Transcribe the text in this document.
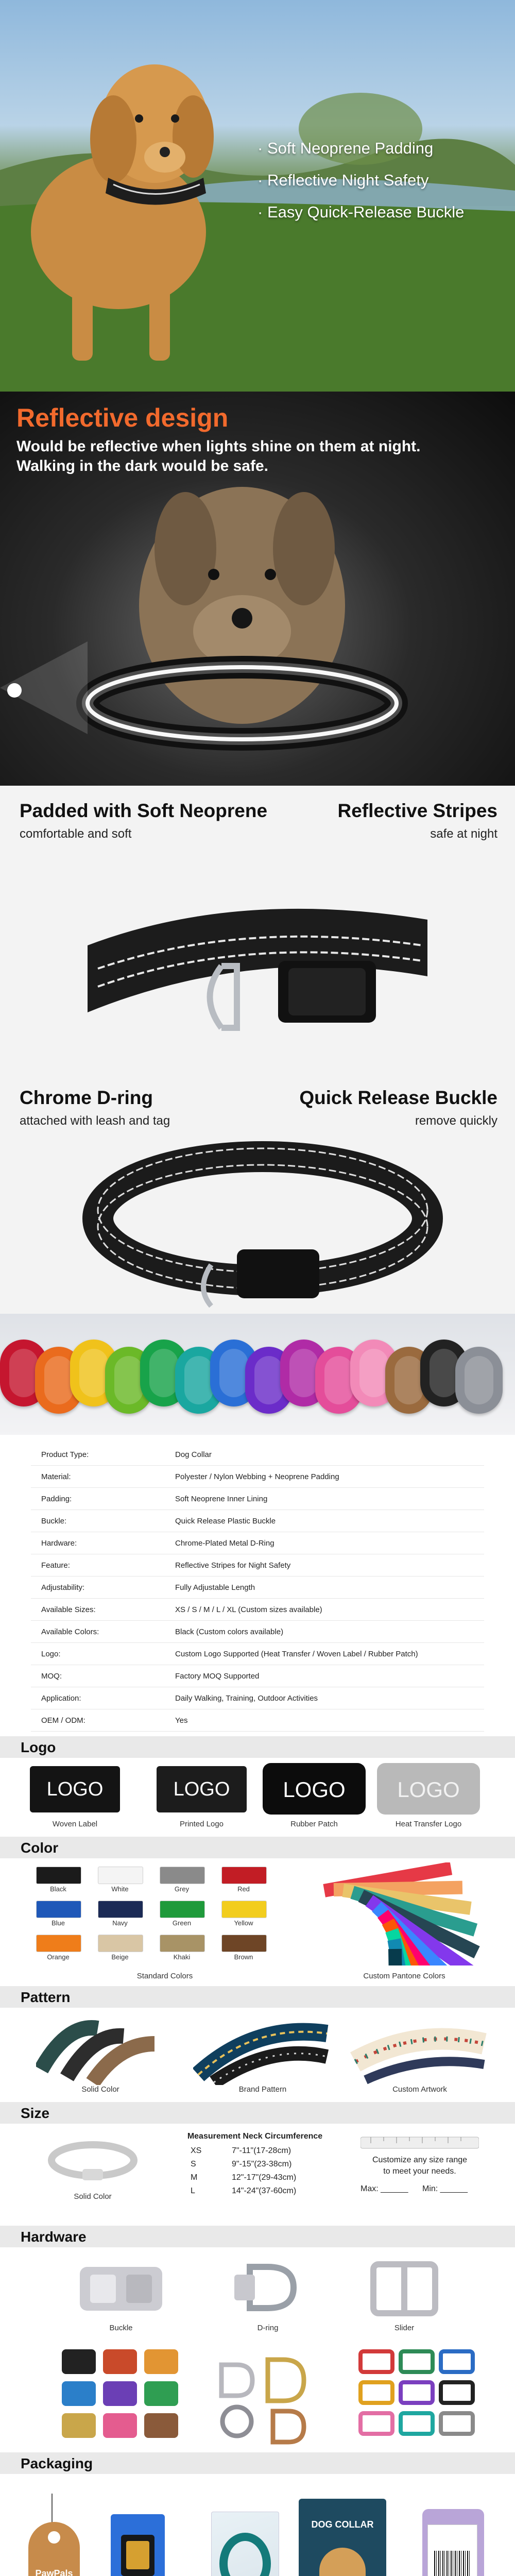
· Soft Neoprene Padding
· Reflective Night Safety
· Easy Quick-Release Buckle
Reflective design
Would be reflective when lights shine on them at night.
Walking in the dark would be safe.
Padded with Soft Neoprene
comfortable and soft
Reflective Stripes
safe at night
Chrome D-ring
attached with leash and tag
Quick Release Buckle
remove quickly
Product Type:	Dog Collar
Material:	Polyester / Nylon Webbing + Neoprene Padding
Padding:	Soft Neoprene Inner Lining
Buckle:	Quick Release Plastic Buckle
Hardware:	Chrome-Plated Metal D-Ring
Feature:	Reflective Stripes for Night Safety
Adjustability:	Fully Adjustable Length
Available Sizes:	XS / S / M / L / XL (Custom sizes available)
Available Colors:	Black (Custom colors available)
Logo:	Custom Logo Supported (Heat Transfer / Woven Label / Rubber Patch)
MOQ:	Factory MOQ Supported
Application:	Daily Walking, Training, Outdoor Activities
OEM / ODM:	Yes
Logo
LOGO	LOGO	LOGO	LOGO
Woven Label	Printed Logo	Rubber Patch	Heat Transfer Logo
Color
Black	White	Grey	Red
Blue	Navy	Green	Yellow
Orange	Beige	Khaki	Brown
Standard Colors	Custom Pantone Colors
Pattern
Solid Color	Brand Pattern	Custom Artwork
Size
Solid Color
Measurement Neck Circumference
XS	7"-11"(17-28cm)
S	9"-15"(23-38cm)
M	12"-17"(29-43cm)
L	14"-24"(37-60cm)
Customize any size range
to meet your needs.
Max: ______ Min: ______
Hardware
Buckle	D-ring	Slider
Packaging
PawPals
DOG COLLAR
